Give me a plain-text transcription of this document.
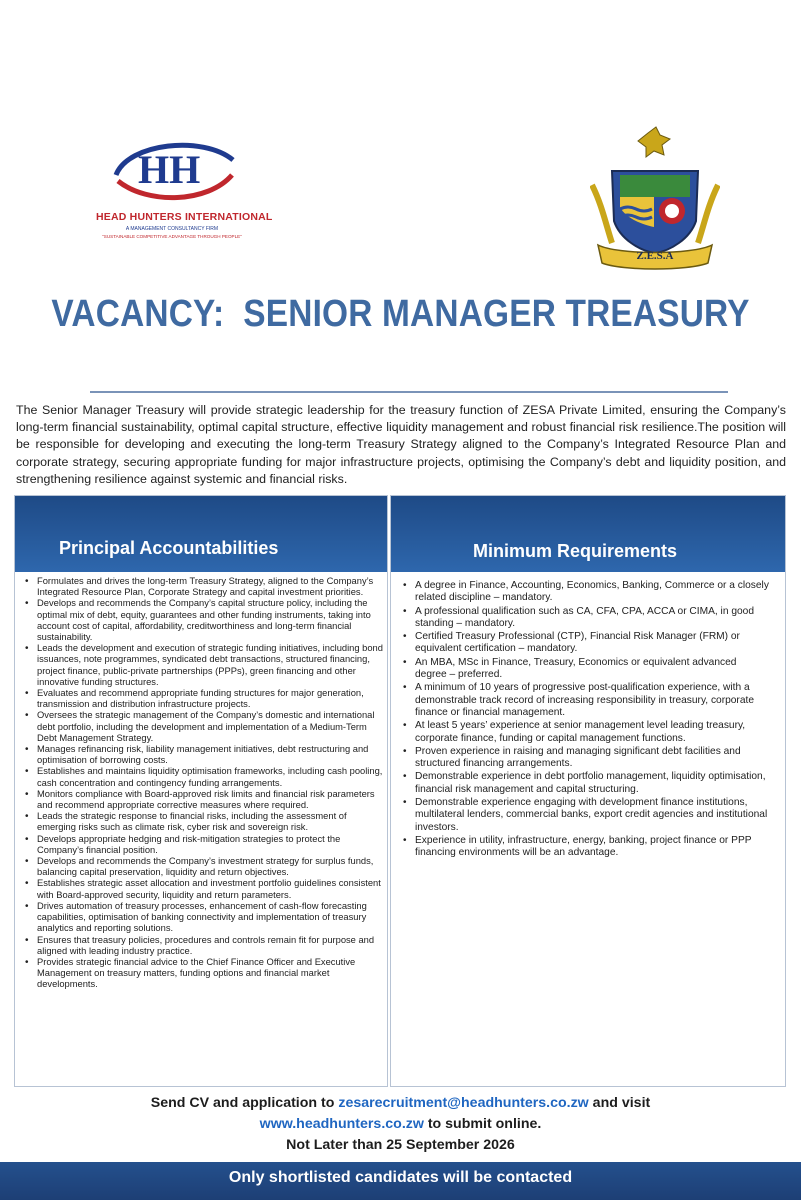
HH
HEAD HUNTERS INTERNATIONAL
A MANAGEMENT CONSULTANCY FIRM
"SUSTAINABLE COMPETITIVE ADVANTAGE THROUGH PEOPLE"
Z.E.S.A
VACANCY:  SENIOR MANAGER TREASURY
The Senior Manager Treasury will provide strategic leadership for the treasury function of ZESA Private Limited, ensuring the Company’s long-term financial sustainability, optimal capital structure, effective liquidity management and robust financial risk resilience.The position will be responsible for developing and executing the long-term Treasury Strategy aligned to the Company’s Integrated Resource Plan and corporate strategy, securing appropriate funding for major infrastructure projects, optimising the Company’s debt and liquidity position, and strengthening resilience against systemic and financial risks.
Principal Accountabilities
• Formulates and drives the long-term Treasury Strategy, aligned to the Company’s Integrated Resource Plan, Corporate Strategy and capital investment priorities.
• Develops and recommends the Company’s capital structure policy, including the optimal mix of debt, equity, guarantees and other funding instruments, taking into account cost of capital, affordability, creditworthiness and long-term financial sustainability.
• Leads the development and execution of strategic funding initiatives, including bond issuances, note programmes, syndicated debt transactions, structured financing, project finance, public-private partnerships (PPPs), green financing and other innovative funding structures.
• Evaluates and recommend appropriate funding structures for major generation, transmission and distribution infrastructure projects.
• Oversees the strategic management of the Company’s domestic and international debt portfolio, including the development and implementation of a Medium-Term Debt Management Strategy.
• Manages refinancing risk, liability management initiatives, debt restructuring and optimisation of borrowing costs.
• Establishes and maintains liquidity optimisation frameworks, including cash pooling, cash concentration and contingency funding arrangements.
• Monitors compliance with Board-approved risk limits and financial risk parameters and recommend appropriate corrective measures where required.
• Leads the strategic response to financial risks, including the assessment of emerging risks such as climate risk, cyber risk and sovereign risk.
• Develops appropriate hedging and risk-mitigation strategies to protect the Company’s financial position.
• Develops and recommends the Company’s investment strategy for surplus funds, balancing capital preservation, liquidity and return objectives.
• Establishes strategic asset allocation and investment portfolio guidelines consistent with Board-approved security, liquidity and return parameters.
• Drives automation of treasury processes, enhancement of cash-flow forecasting capabilities, optimisation of banking connectivity and implementation of treasury analytics and reporting solutions.
• Ensures that treasury policies, procedures and controls remain fit for purpose and aligned with leading industry practice.
• Provides strategic financial advice to the Chief Finance Officer and Executive Management on treasury matters, funding options and financial market developments.
Minimum Requirements
• A degree in Finance, Accounting, Economics, Banking, Commerce or a closely related discipline – mandatory.
• A professional qualification such as CA, CFA, CPA, ACCA or CIMA, in good standing – mandatory.
• Certified Treasury Professional (CTP), Financial Risk Manager (FRM) or equivalent certification – mandatory.
• An MBA, MSc in Finance, Treasury, Economics or equivalent advanced degree – preferred.
• A minimum of 10 years of progressive post-qualification experience, with a demonstrable track record of increasing responsibility in treasury, corporate finance or financial management.
• At least 5 years’ experience at senior management level leading treasury, corporate finance, funding or capital management functions.
• Proven experience in raising and managing significant debt facilities and structured financing arrangements.
• Demonstrable experience in debt portfolio management, liquidity optimisation, financial risk management and capital structuring.
• Demonstrable experience engaging with development finance institutions, multilateral lenders, commercial banks, export credit agencies and institutional investors.
• Experience in utility, infrastructure, energy, banking, project finance or PPP financing environments will be an advantage.
Send CV and application to zesarecruitment@headhunters.co.zw and visit
www.headhunters.co.zw to submit online.
Not Later than 25 September 2026
Only shortlisted candidates will be contacted
